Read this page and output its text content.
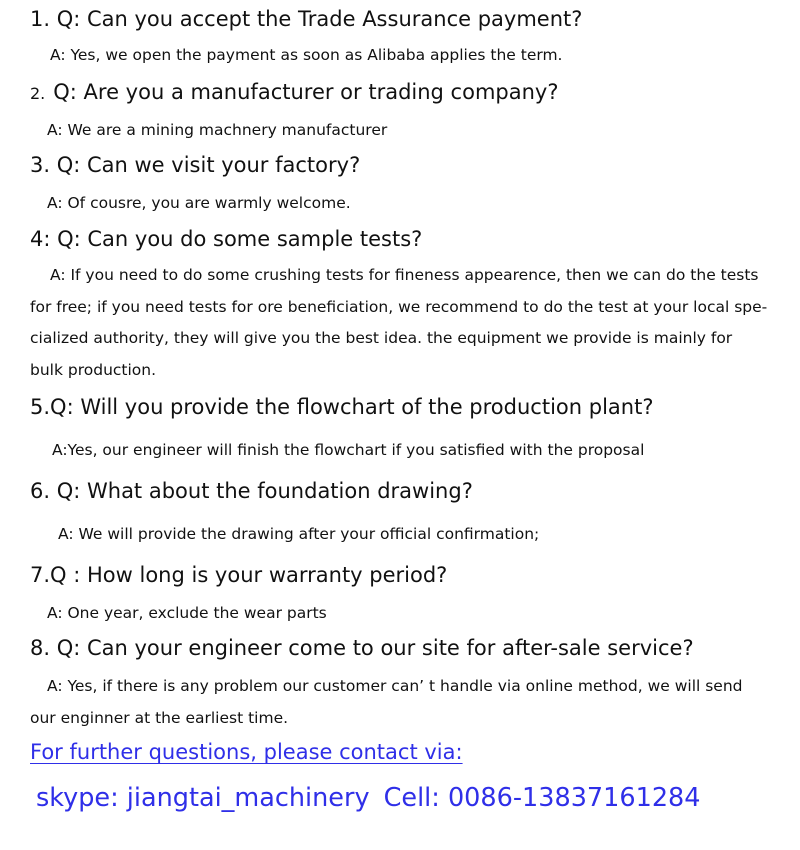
1. Q: Can you accept the Trade Assurance payment?
A: Yes, we open the payment as soon as Alibaba applies the term.
2. Q: Are you a manufacturer or trading company?
A: We are a mining machnery manufacturer
3. Q: Can we visit your factory?
A: Of cousre, you are warmly welcome.
4: Q: Can you do some sample tests?
A: If you need to do some crushing tests for fineness appearence, then we can do the tests
for free; if you need tests for ore beneficiation, we recommend to do the test at your local spe-
cialized authority, they will give you the best idea. the equipment we provide is mainly for
bulk production.
5.Q: Will you provide the flowchart of the production plant?
A:Yes, our engineer will finish the flowchart if you satisfied with the proposal
6. Q: What about the foundation drawing?
A: We will provide the drawing after your official confirmation;
7.Q : How long is your warranty period?
A: One year, exclude the wear parts
8. Q: Can your engineer come to our site for after-sale service?
A: Yes, if there is any problem our customer can’ t handle via online method, we will send
our enginner at the earliest time.
For further questions, please contact via:
skype: jiangtai_machinery Cell: 0086-13837161284
